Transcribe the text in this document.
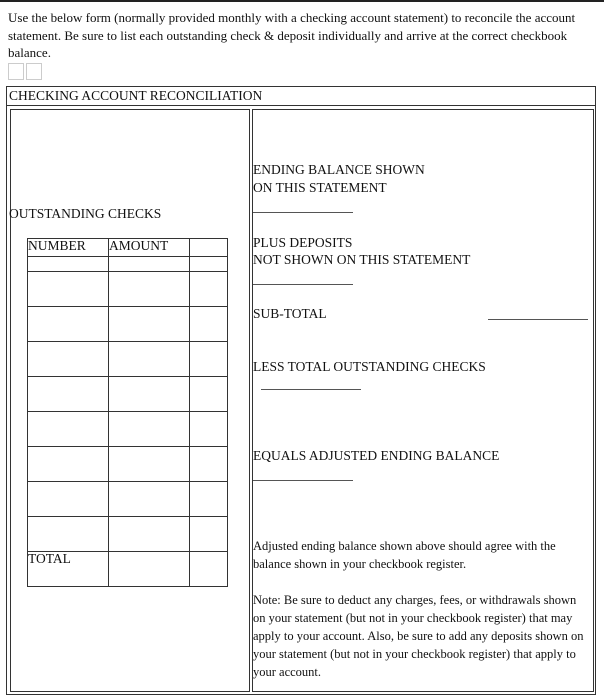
Use the below form (normally provided monthly with a checking account statement) to reconcile the account statement. Be sure to list each outstanding check & deposit individually and arrive at the correct checkbook balance.

CHECKING ACCOUNT RECONCILIATION
OUTSTANDING CHECKS
ENDING BALANCE SHOWN
ON THIS STATEMENT
PLUS DEPOSITS
NOT SHOWN ON THIS STATEMENT
SUB-TOTAL
LESS TOTAL OUTSTANDING CHECKS
EQUALS ADJUSTED ENDING BALANCE
Adjusted ending balance shown above should agree with the balance shown in your checkbook register.
Note: Be sure to deduct any charges, fees, or withdrawals shown on your statement (but not in your checkbook register) that may apply to your account. Also, be sure to add any deposits shown on your statement (but not in your checkbook register) that apply to your account.
NUMBER	AMOUNT	

TOTAL		
